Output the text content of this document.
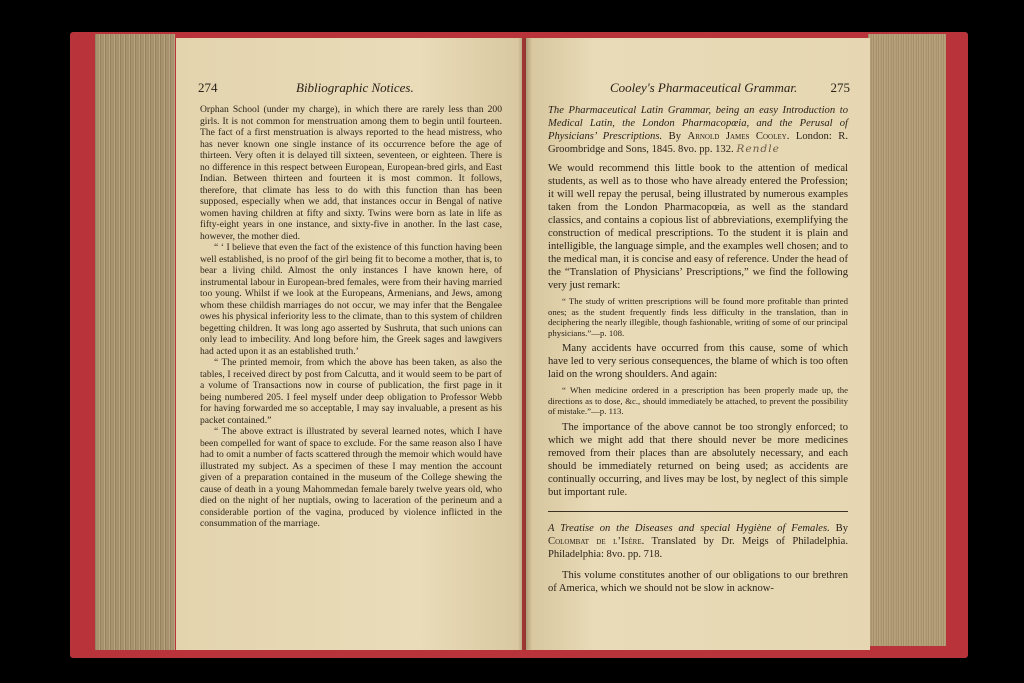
274	Bibliographic Notices.

Orphan School (under my charge), in which there are rarely less than 200 girls. It is not common for menstruation among them to begin until fourteen. The fact of a first menstruation is always reported to the head mistress, who has never known one single instance of its occurrence before the age of thirteen. Very often it is delayed till sixteen, seventeen, or eighteen. There is no difference in this respect between European, European-bred girls, and East Indian. Between thirteen and fourteen it is most common. It follows, therefore, that climate has less to do with this function than has been supposed, especially when we add, that instances occur in Bengal of native women having children at fifty and sixty. Twins were born as late in life as fifty-eight years in one instance, and sixty-five in another. In the last case, however, the mother died.

“ ‘ I believe that even the fact of the existence of this function having been well established, is no proof of the girl being fit to become a mother, that is, to bear a living child. Almost the only instances I have known here, of instrumental labour in European-bred females, were from their having married too young. Whilst if we look at the Europeans, Armenians, and Jews, among whom these childish marriages do not occur, we may infer that the Bengalee owes his physical inferiority less to the climate, than to this system of children begetting children. It was long ago asserted by Sushruta, that such unions can only lead to imbecility. And long before him, the Greek sages and lawgivers had acted upon it as an established truth.’

“ The printed memoir, from which the above has been taken, as also the tables, I received direct by post from Calcutta, and it would seem to be part of a volume of Transactions now in course of publication, the first page in it being numbered 205. I feel myself under deep obligation to Professor Webb for having forwarded me so acceptable, I may say invaluable, a present as his packet contained.”

“ The above extract is illustrated by several learned notes, which I have been compelled for want of space to exclude. For the same reason also I have had to omit a number of facts scattered through the memoir which would have illustrated my subject. As a specimen of these I may mention the account given of a preparation contained in the museum of the College shewing the cause of death in a young Mahommedan female barely twelve years old, who died on the night of her nuptials, owing to laceration of the perineum and a considerable portion of the vagina, produced by violence inflicted in the consummation of the marriage.

Cooley's Pharmaceutical Grammar.	275

The Pharmaceutical Latin Grammar, being an easy Introduction to Medical Latin, the London Pharmacopœia, and the Perusal of Physicians’ Prescriptions. By Arnold James Cooley. London: R. Groombridge and Sons, 1845. 8vo. pp. 132. Rendle

We would recommend this little book to the attention of medical students, as well as to those who have already entered the Profession; it will well repay the perusal, being illustrated by numerous examples taken from the London Pharmacopœia, as well as the standard classics, and contains a copious list of abbreviations, exemplifying the construction of medical prescriptions. To the student it is plain and intelligible, the language simple, and the examples well chosen; and to the medical man, it is concise and easy of reference. Under the head of the “Translation of Physicians’ Prescriptions,” we find the following very just remark:

“ The study of written prescriptions will be found more profitable than printed ones; as the student frequently finds less difficulty in the translation, than in deciphering the nearly illegible, though fashionable, writing of some of our principal physicians.”—p. 108.

Many accidents have occurred from this cause, some of which have led to very serious consequences, the blame of which is too often laid on the wrong shoulders. And again:

“ When medicine ordered in a prescription has been properly made up, the directions as to dose, &c., should immediately be attached, to prevent the possibility of mistake.”—p. 113.

The importance of the above cannot be too strongly enforced; to which we might add that there should never be more medicines removed from their places than are absolutely necessary, and each should be immediately returned on being used; as accidents are continually occurring, and lives may be lost, by neglect of this simple but important rule.

A Treatise on the Diseases and special Hygiène of Females. By Colombat de l’Isère. Translated by Dr. Meigs of Philadelphia. Philadelphia: 8vo. pp. 718.

This volume constitutes another of our obligations to our brethren of America, which we should not be slow in acknow-
